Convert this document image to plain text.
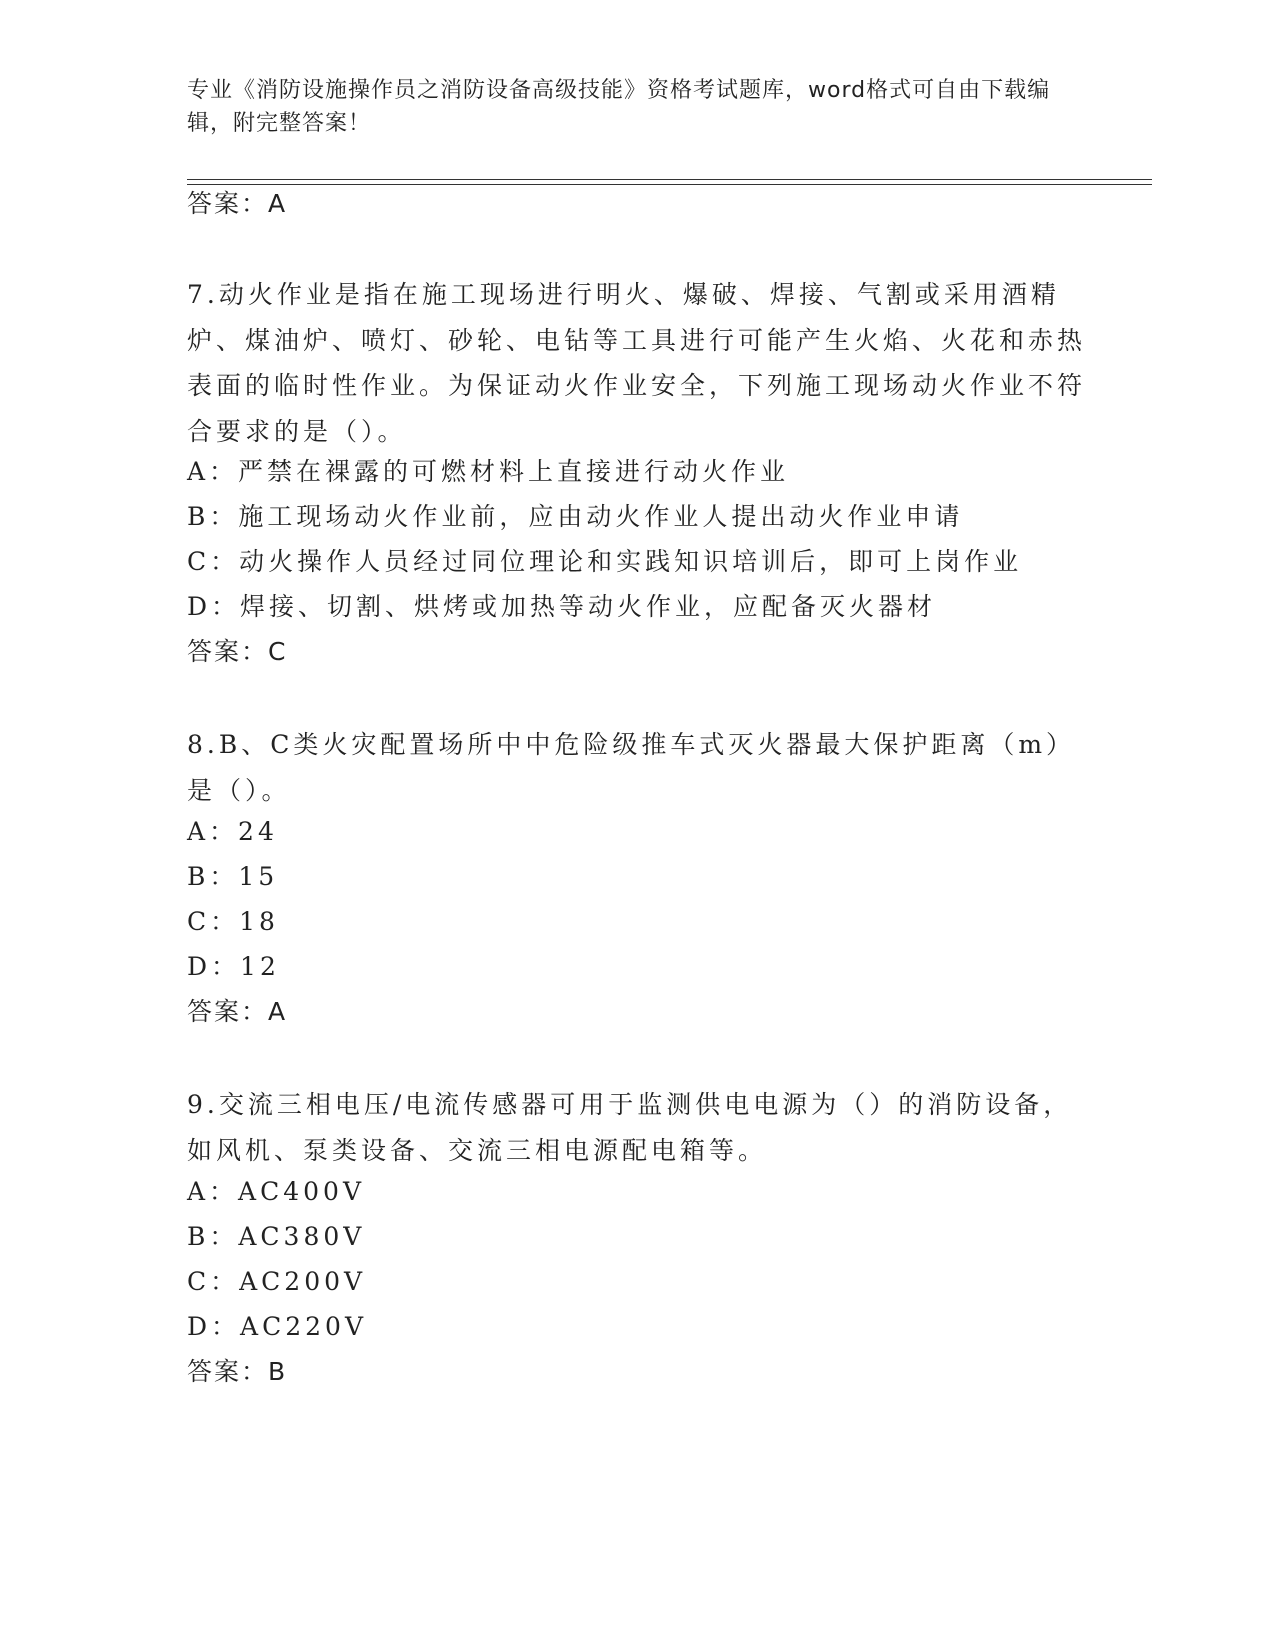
专业《消防设施操作员之消防设备高级技能》资格考试题库，word格式可自由下载编辑，附完整答案！
答案：A
7.动火作业是指在施工现场进行明火、爆破、焊接、气割或采用酒精炉、煤油炉、喷灯、砂轮、电钻等工具进行可能产生火焰、火花和赤热表面的临时性作业。为保证动火作业安全，下列施工现场动火作业不符合要求的是（）。
A：严禁在裸露的可燃材料上直接进行动火作业
B：施工现场动火作业前，应由动火作业人提出动火作业申请
C：动火操作人员经过同位理论和实践知识培训后，即可上岗作业
D：焊接、切割、烘烤或加热等动火作业，应配备灭火器材
答案：C
8.B、C类火灾配置场所中中危险级推车式灭火器最大保护距离（m）是（）。
A：24
B：15
C：18
D：12
答案：A
9.交流三相电压/电流传感器可用于监测供电电源为（）的消防设备，如风机、泵类设备、交流三相电源配电箱等。
A：AC400V
B：AC380V
C：AC200V
D：AC220V
答案：B
